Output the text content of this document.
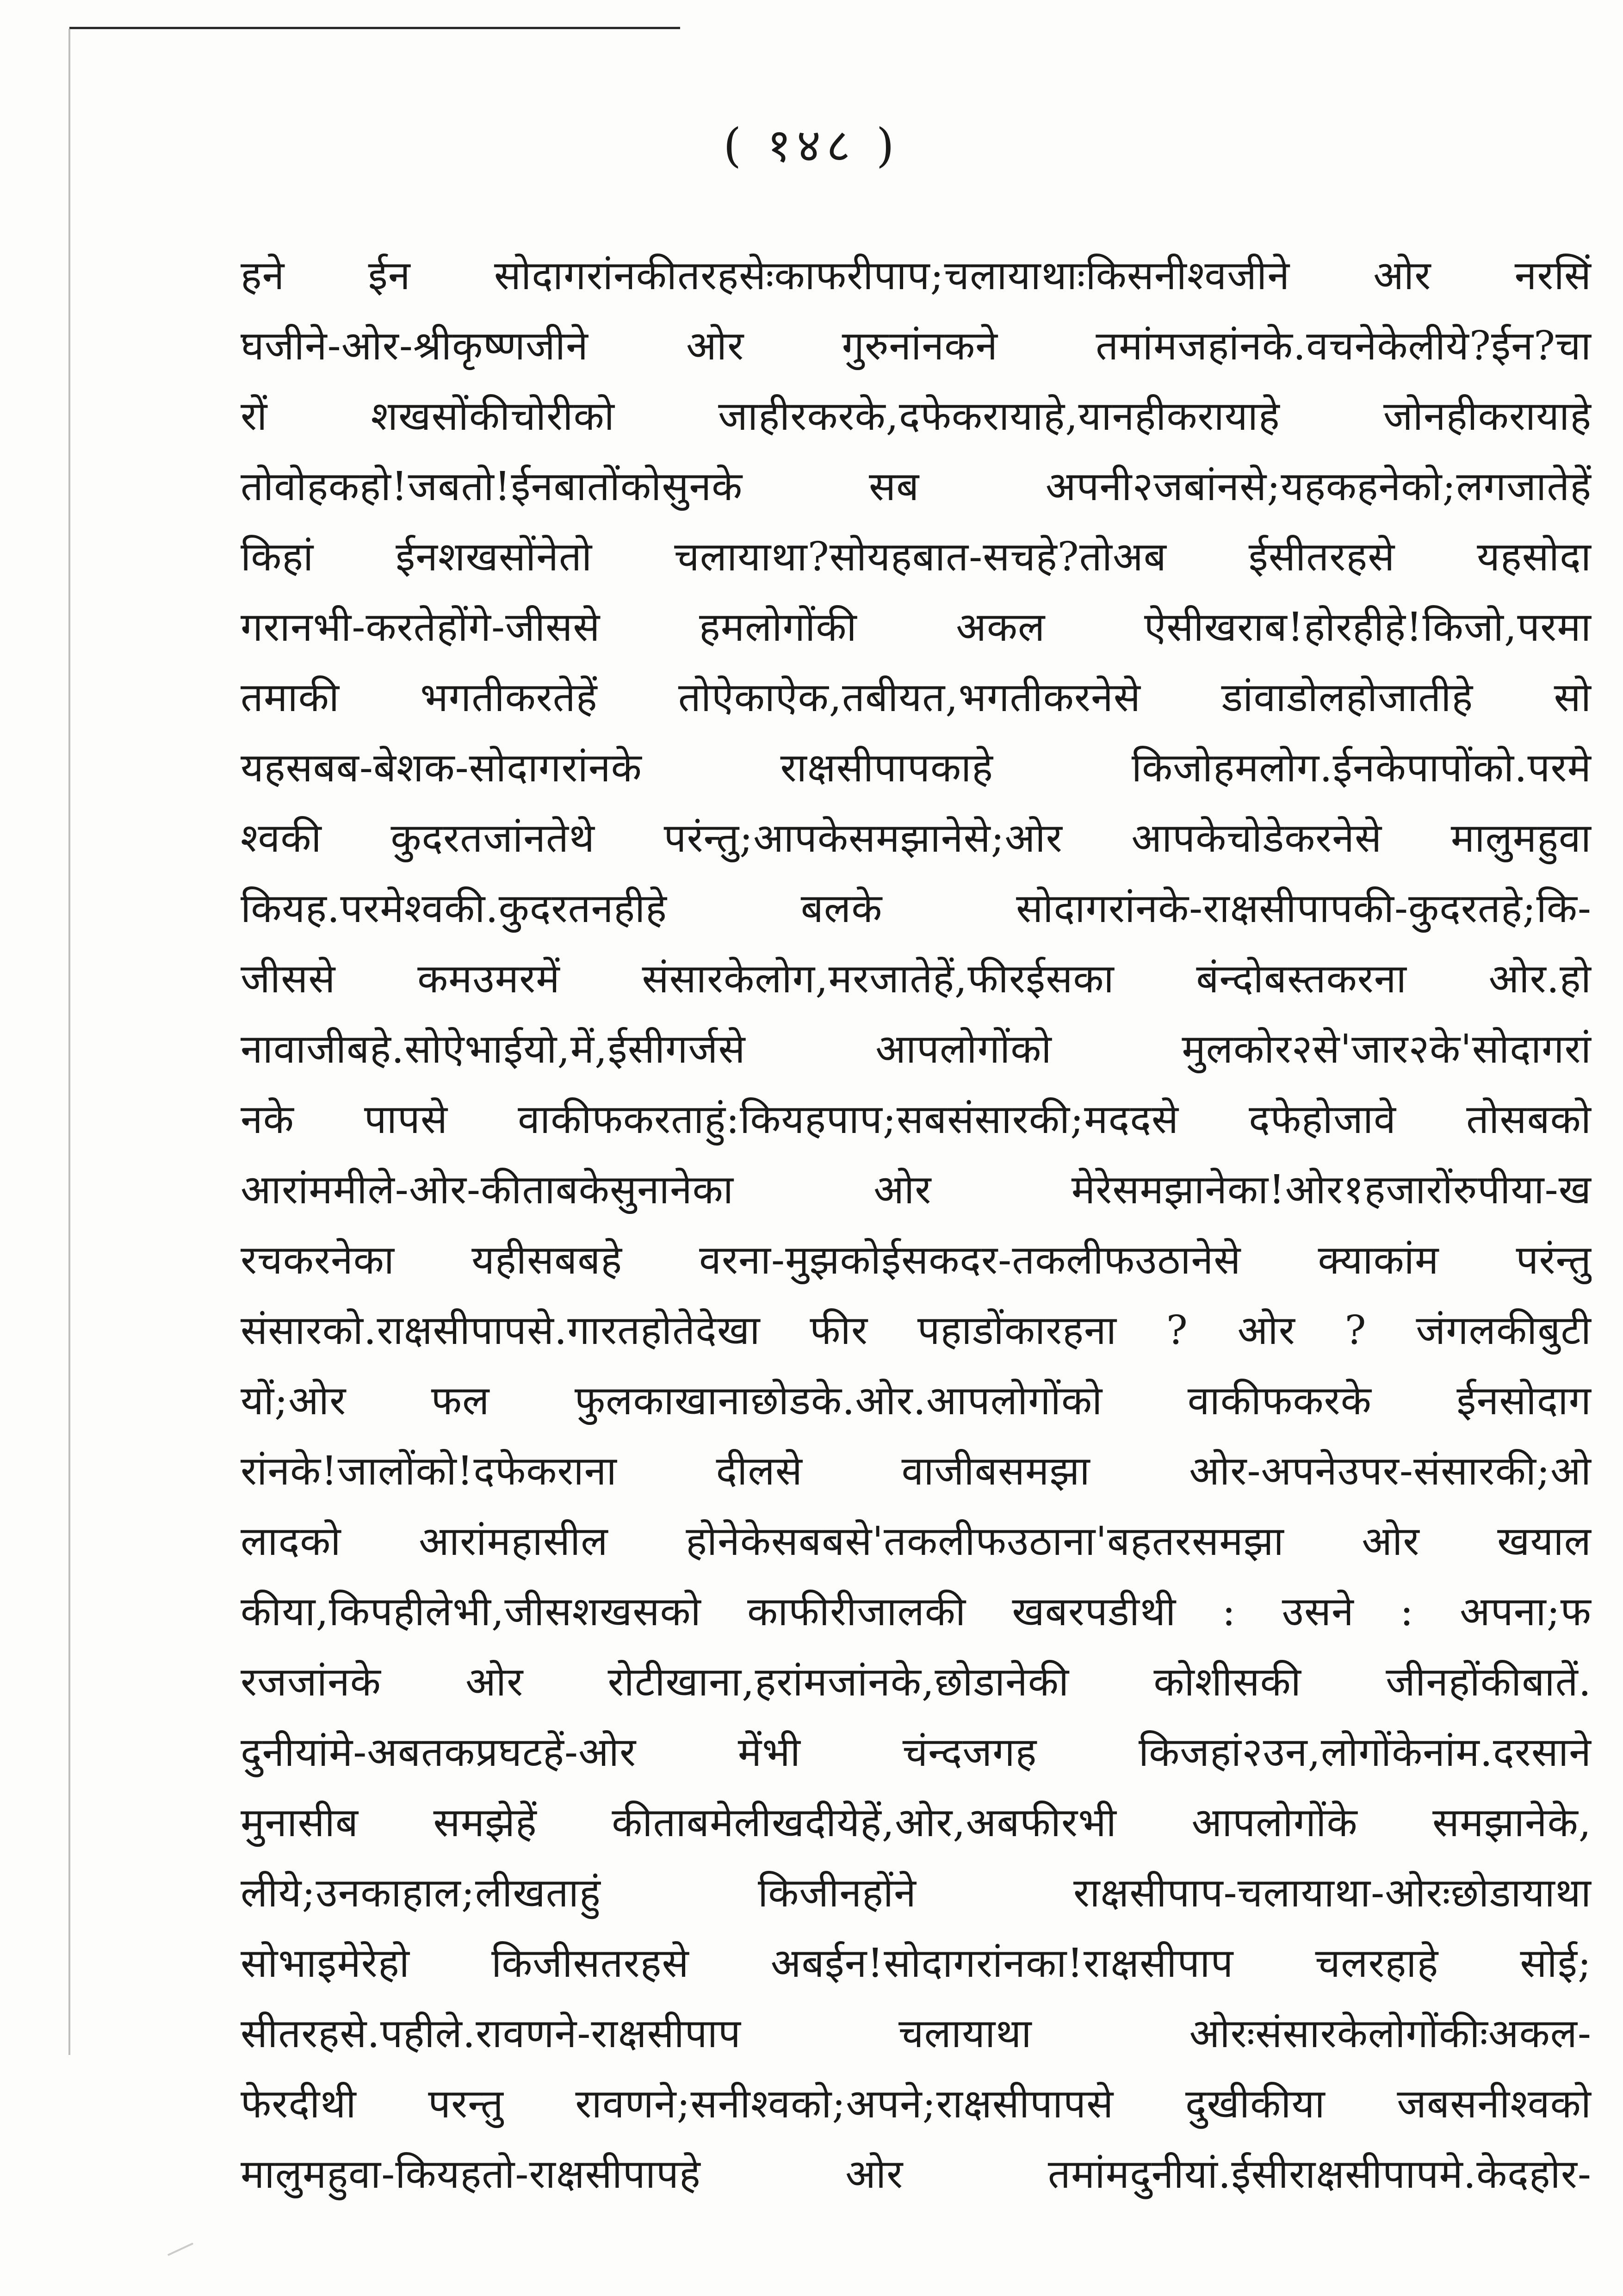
( १४८ )
हने ईन सोदागरांनकीतरहसेःकाफरीपाप;चलायाथाःकिसनीश्वजीने ओर नरसिं
घजीने-ओर-श्रीकृष्णजीने ओर गुरुनांनकने तमांमजहांनके.वचनेकेलीये?ईन?चा
रों शखसोंकीचोरीको जाहीरकरके,दफेकरायाहे,यानहीकरायाहे जोनहीकरायाहे
तोवोहकहो!जबतो!ईनबातोंकोसुनके सब अपनी२जबांनसे;यहकहनेको;लगजातेहें
किहां ईनशखसोंनेतो चलायाथा?सोयहबात-सचहे?तोअब ईसीतरहसे यहसोदा
गरानभी-करतेहोंगे-जीससे हमलोगोंकी अकल ऐसीखराब!होरहीहे!किजो,परमा
तमाकी भगतीकरतेहें तोऐकाऐक,तबीयत,भगतीकरनेसे डांवाडोलहोजातीहे सो
यहसबब-बेशक-सोदागरांनके राक्षसीपापकाहे किजोहमलोग.ईनकेपापोंको.परमे
श्वकी कुदरतजांनतेथे परंन्तु;आपकेसमझानेसे;ओर आपकेचोडेकरनेसे मालुमहुवा
कियह.परमेश्वकी.कुदरतनहीहे बलके सोदागरांनके-राक्षसीपापकी-कुदरतहे;कि-
जीससे कमउमरमें संसारकेलोग,मरजातेहें,फीरईसका बंन्दोबस्तकरना ओर.हो
नावाजीबहे.सोऐभाईयो,में,ईसीगर्जसे आपलोगोंको मुलकोर२से'जार२के'सोदागरां
नके पापसे वाकीफकरताहुं:कियहपाप;सबसंसारकी;मददसे दफेहोजावे तोसबको
आरांममीले-ओर-कीताबकेसुनानेका ओर मेरेसमझानेका!ओर१हजारोंरुपीया-ख
रचकरनेका यहीसबबहे वरना-मुझकोईसकदर-तकलीफउठानेसे क्याकांम परंन्तु
संसारको.राक्षसीपापसे.गारतहोतेदेखा फीर पहाडोंकारहना ? ओर ? जंगलकीबुटी
यों;ओर फल फुलकाखानाछोडके.ओर.आपलोगोंको वाकीफकरके ईनसोदाग
रांनके!जालोंको!दफेकराना दीलसे वाजीबसमझा ओर-अपनेउपर-संसारकी;ओ
लादको आरांमहासील होनेकेसबबसे'तकलीफउठाना'बहतरसमझा ओर खयाल
कीया,किपहीलेभी,जीसशखसको काफीरीजालकी खबरपडीथी : उसने : अपना;फ
रजजांनके ओर रोटीखाना,हरांमजांनके,छोडानेकी कोशीसकी जीनहोंकीबातें.
दुनीयांमे-अबतकप्रघटहें-ओर मेंभी चंन्दजगह किजहां२उन,लोगोंकेनांम.दरसाने
मुनासीब समझेहें कीताबमेलीखदीयेहें,ओर,अबफीरभी आपलोगोंके समझानेके,
लीये;उनकाहाल;लीखताहुं किजीनहोंने राक्षसीपाप-चलायाथा-ओरःछोडायाथा
सोभाइमेरेहो किजीसतरहसे अबईन!सोदागरांनका!राक्षसीपाप चलरहाहे सोई;
सीतरहसे.पहीले.रावणने-राक्षसीपाप चलायाथा ओरःसंसारकेलोगोंकीःअकल-
फेरदीथी परन्तु रावणने;सनीश्वको;अपने;राक्षसीपापसे दुखीकीया जबसनीश्वको
मालुमहुवा-कियहतो-राक्षसीपापहे ओर तमांमदुनीयां.ईसीराक्षसीपापमे.केदहोर-
